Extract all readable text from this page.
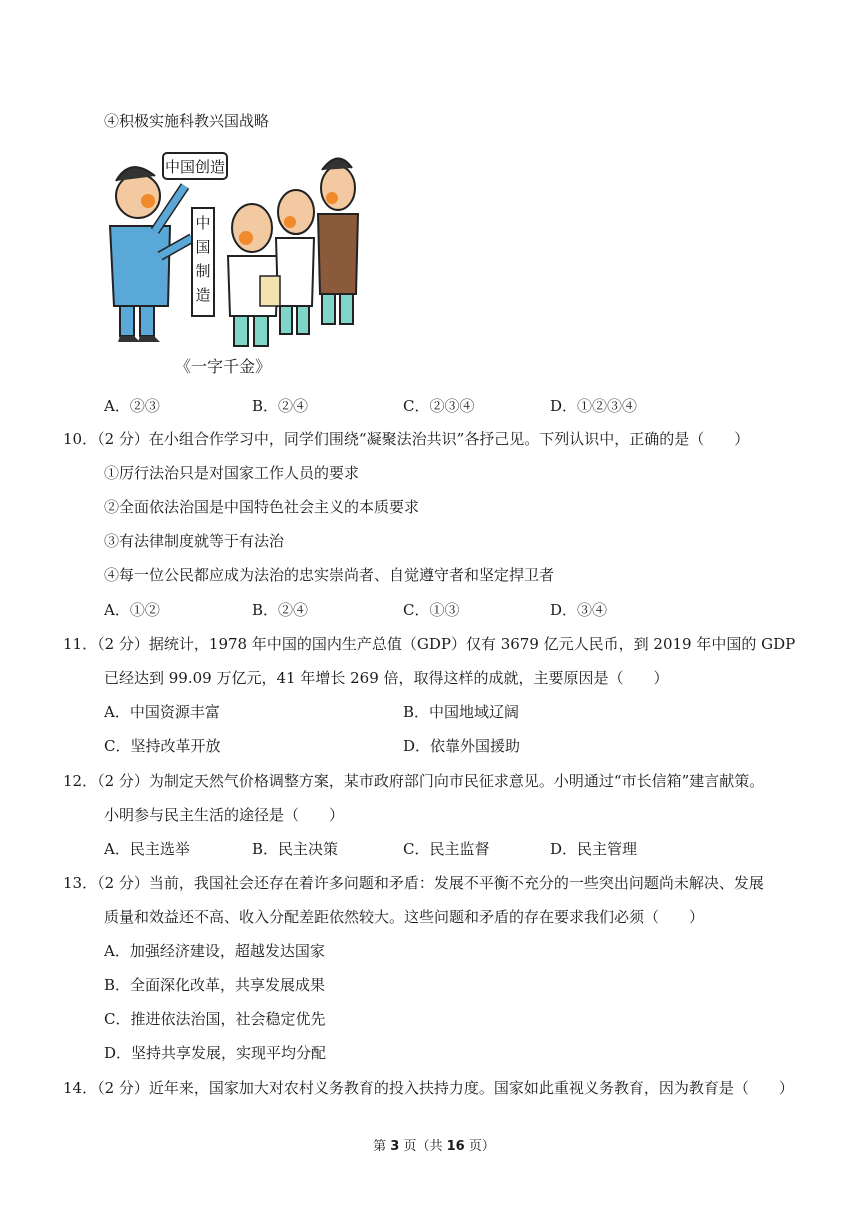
④积极实施科教兴国战略
中国创造
中
国
制
造
《一字千金》
A．②③	B．②④	C．②③④	D．①②③④
10．（2 分）在小组合作学习中，同学们围绕“凝聚法治共识”各抒己见。下列认识中，正确的是（　　）
①厉行法治只是对国家工作人员的要求
②全面依法治国是中国特色社会主义的本质要求
③有法律制度就等于有法治
④每一位公民都应成为法治的忠实崇尚者、自觉遵守者和坚定捍卫者
A．①②	B．②④	C．①③	D．③④
11．（2 分）据统计，1978 年中国的国内生产总值（GDP）仅有 3679 亿元人民币，到 2019 年中国的 GDP
已经达到 99.09 万亿元，41 年增长 269 倍，取得这样的成就，主要原因是（　　）
A．中国资源丰富	B．中国地域辽阔
C．坚持改革开放	D．依靠外国援助
12．（2 分）为制定天然气价格调整方案，某市政府部门向市民征求意见。小明通过“市长信箱”建言献策。
小明参与民主生活的途径是（　　）
A．民主选举	B．民主决策	C．民主监督	D．民主管理
13．（2 分）当前，我国社会还存在着许多问题和矛盾：发展不平衡不充分的一些突出问题尚未解决、发展
质量和效益还不高、收入分配差距依然较大。这些问题和矛盾的存在要求我们必须（　　）
A．加强经济建设，超越发达国家
B．全面深化改革，共享发展成果
C．推进依法治国，社会稳定优先
D．坚持共享发展，实现平均分配
14．（2 分）近年来，国家加大对农村义务教育的投入扶持力度。国家如此重视义务教育，因为教育是（　　）
第 3 页（共 16 页）
